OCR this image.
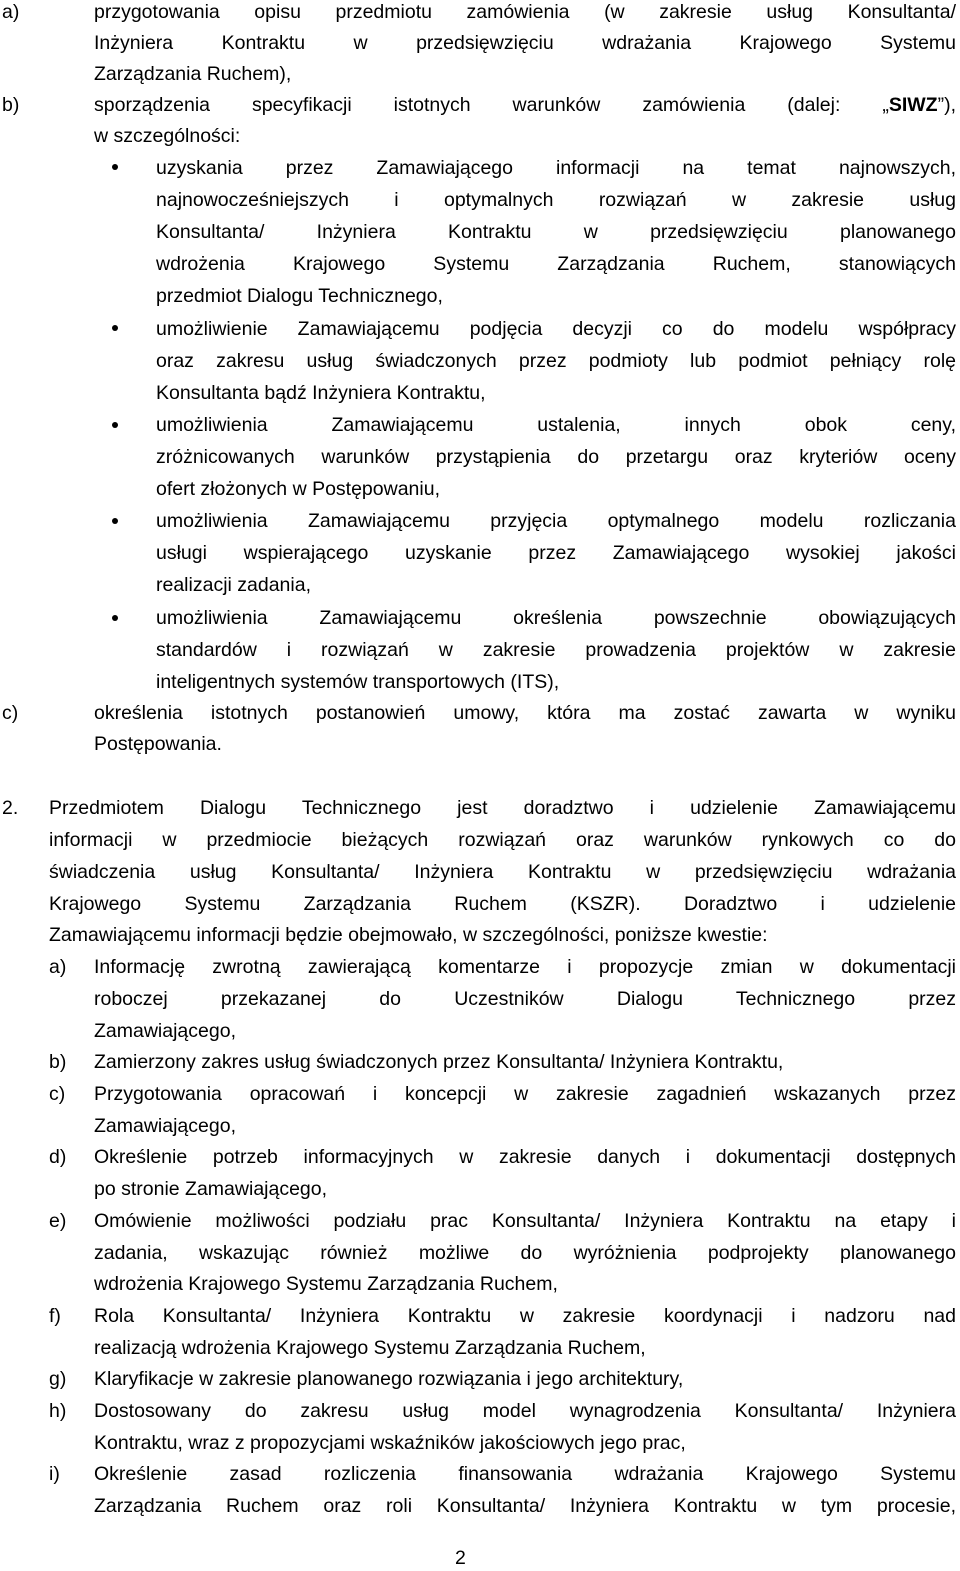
a)	przygotowania opisu przedmiotu zamówienia (w zakresie usług Konsultanta/
Inżyniera Kontraktu w przedsięwzięciu wdrażania Krajowego Systemu
Zarządzania Ruchem),
b)	sporządzenia specyfikacji istotnych warunków zamówienia (dalej: „SIWZ”),
w szczególności:
uzyskania przez Zamawiającego informacji na temat najnowszych,
najnowocześniejszych i optymalnych rozwiązań w zakresie usług
Konsultanta/ Inżyniera Kontraktu w przedsięwzięciu planowanego
wdrożenia Krajowego Systemu Zarządzania Ruchem, stanowiących
przedmiot Dialogu Technicznego,
umożliwienie Zamawiającemu podjęcia decyzji co do modelu współpracy
oraz zakresu usług świadczonych przez podmioty lub podmiot pełniący rolę
Konsultanta bądź Inżyniera Kontraktu,
umożliwienia Zamawiającemu ustalenia, innych obok ceny,
zróżnicowanych warunków przystąpienia do przetargu oraz kryteriów oceny
ofert złożonych w Postępowaniu,
umożliwienia Zamawiającemu przyjęcia optymalnego modelu rozliczania
usługi wspierającego uzyskanie przez Zamawiającego wysokiej jakości
realizacji zadania,
umożliwienia Zamawiającemu określenia powszechnie obowiązujących
standardów i rozwiązań w zakresie prowadzenia projektów w zakresie
inteligentnych systemów transportowych (ITS),
c)	określenia istotnych postanowień umowy, która ma zostać zawarta w wyniku
Postępowania.
2. Przedmiotem Dialogu Technicznego jest doradztwo i udzielenie Zamawiającemu
informacji w przedmiocie bieżących rozwiązań oraz warunków rynkowych co do
świadczenia usług Konsultanta/ Inżyniera Kontraktu w przedsięwzięciu wdrażania
Krajowego Systemu Zarządzania Ruchem (KSZR). Doradztwo i udzielenie
Zamawiającemu informacji będzie obejmowało, w szczególności, poniższe kwestie:
a) Informację zwrotną zawierającą komentarze i propozycje zmian w dokumentacji
roboczej przekazanej do Uczestników Dialogu Technicznego przez
Zamawiającego,
b) Zamierzony zakres usług świadczonych przez Konsultanta/ Inżyniera Kontraktu,
c) Przygotowania opracowań i koncepcji w zakresie zagadnień wskazanych przez
Zamawiającego,
d) Określenie potrzeb informacyjnych w zakresie danych i dokumentacji dostępnych
po stronie Zamawiającego,
e) Omówienie możliwości podziału prac Konsultanta/ Inżyniera Kontraktu na etapy i
zadania, wskazując również możliwe do wyróżnienia podprojekty planowanego
wdrożenia Krajowego Systemu Zarządzania Ruchem,
f) Rola Konsultanta/ Inżyniera Kontraktu w zakresie koordynacji i nadzoru nad
realizacją wdrożenia Krajowego Systemu Zarządzania Ruchem,
g) Klaryfikacje w zakresie planowanego rozwiązania i jego architektury,
h) Dostosowany do zakresu usług model wynagrodzenia Konsultanta/ Inżyniera
Kontraktu, wraz z propozycjami wskaźników jakościowych jego prac,
i) Określenie zasad rozliczenia finansowania wdrażania Krajowego Systemu
Zarządzania Ruchem oraz roli Konsultanta/ Inżyniera Kontraktu w tym procesie,
2
